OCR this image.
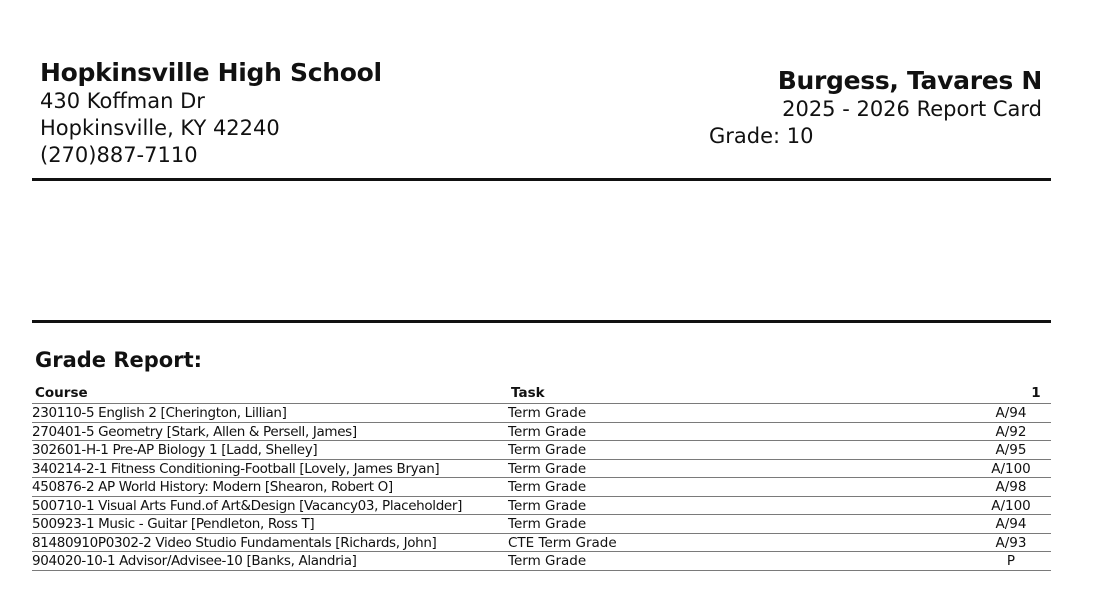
Hopkinsville High School
430 Koffman Dr
Hopkinsville, KY 42240
(270)887-7110
Burgess, Tavares N
2025 - 2026 Report Card
Grade: 10
Grade Report:
Course	Task	1
230110-5 English 2 [Cherington, Lillian]	Term Grade	A/94
270401-5 Geometry [Stark, Allen & Persell, James]	Term Grade	A/92
302601-H-1 Pre-AP Biology 1 [Ladd, Shelley]	Term Grade	A/95
340214-2-1 Fitness Conditioning-Football [Lovely, James Bryan]	Term Grade	A/100
450876-2 AP World History: Modern [Shearon, Robert O]	Term Grade	A/98
500710-1 Visual Arts Fund.of Art&Design [Vacancy03, Placeholder]	Term Grade	A/100
500923-1 Music - Guitar [Pendleton, Ross T]	Term Grade	A/94
81480910P0302-2 Video Studio Fundamentals [Richards, John]	CTE Term Grade	A/93
904020-10-1 Advisor/Advisee-10 [Banks, Alandria]	Term Grade	P
